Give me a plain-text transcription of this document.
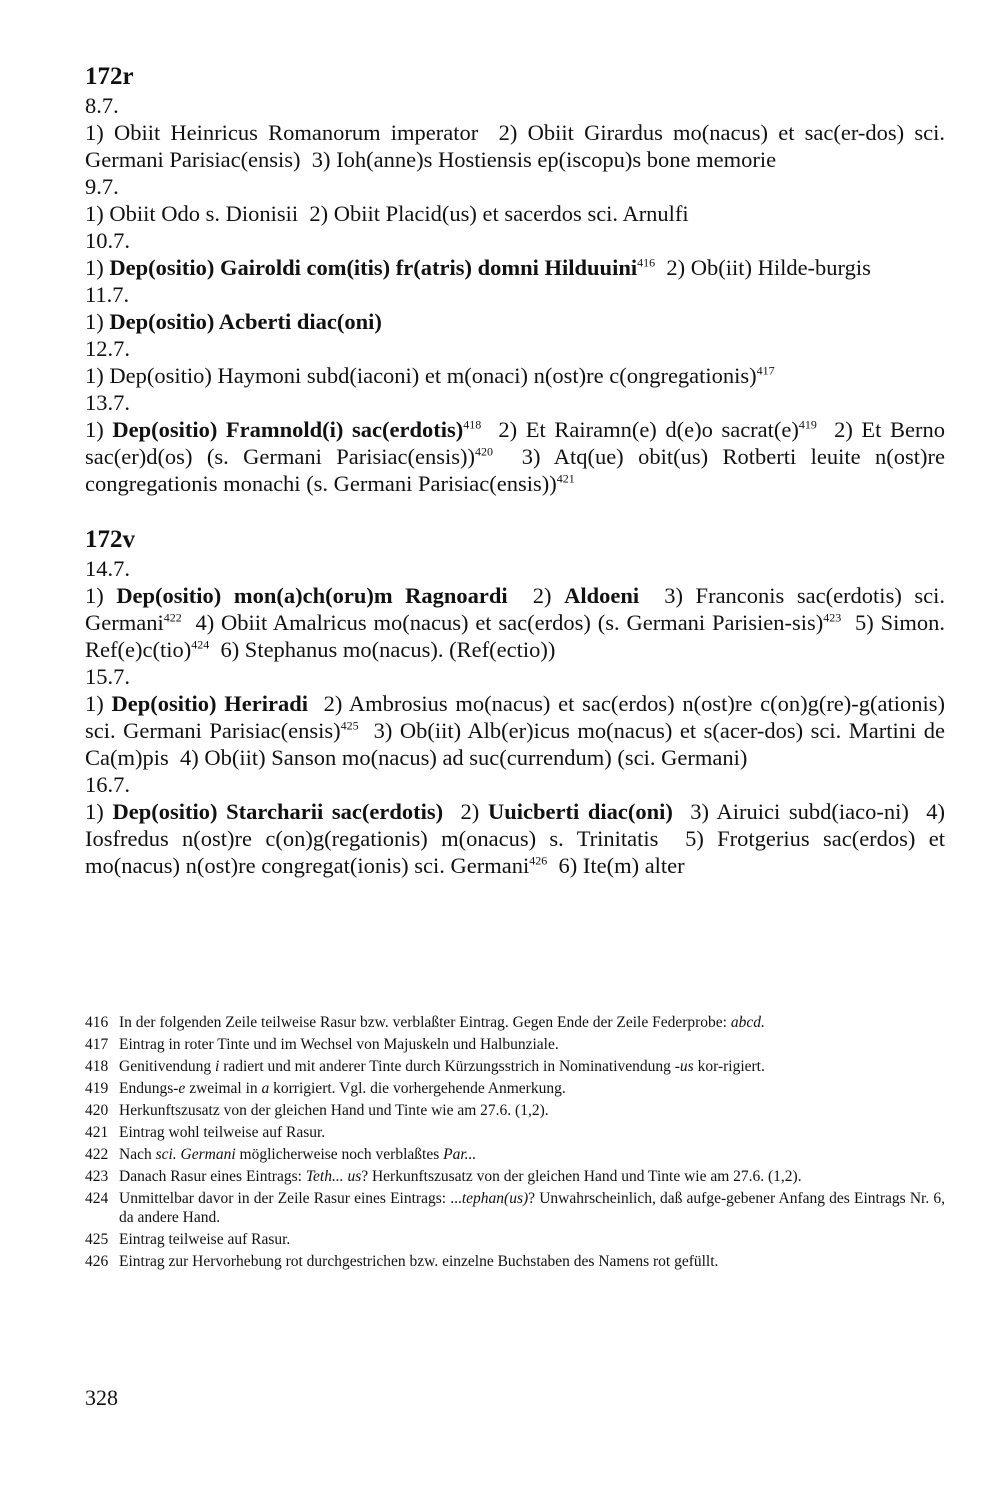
172r

8.7.

1) Obiit Heinricus Romanorum imperator  2) Obiit Girardus mo(nacus) et sac(er-dos) sci. Germani Parisiac(ensis)  3) Ioh(anne)s Hostiensis ep(iscopu)s bone memorie

9.7.

1) Obiit Odo s. Dionisii  2) Obiit Placid(us) et sacerdos sci. Arnulfi

10.7.

1) Dep(ositio) Gairoldi com(itis) fr(atris) domni Hilduuini$^{416}$  2) Ob(iit) Hilde-burgis

11.7.

1) Dep(ositio) Acberti diac(oni)

12.7.

1) Dep(ositio) Haymoni subd(iaconi) et m(onaci) n(ost)re c(ongregationis)$^{417}$

13.7.

1) Dep(ositio) Framnold(i) sac(erdotis)$^{418}$  2) Et Rairamn(e) d(e)o $sacrat(e)^{419}$  2) Et Berno sac(er)d(os) (s. Germani Parisiac(ensis))$^{420}$  3) Atq(ue) obit(us) Rotberti leuite n(ost)re congregationis monachi (s. Germani Parisiac(ensis))$^{421}$

172v

14.7.

1) Dep(ositio) mon(a)ch(oru)m Ragnoardi  2) Aldoeni  3) Franconis sac(erdotis) sci. Germani$^{422}$  4) Obiit Amalricus mo(nacus) et sac(erdos) (s. Germani Parisien-sis)$^{423}$  5) Simon. Ref(e)c(tio)$^{424}$  6) Stephanus mo(nacus). (Ref(ectio))

15.7.

1) Dep(ositio) Heriradi  2) Ambrosius mo(nacus) et sac(erdos) n(ost)re c(on)g(re)-g(ationis) sci. Germani Parisiac(ensis)$^{425}$  3) Ob(iit) Alb(er)icus mo(nacus) et s(acer-dos) sci. Martini de Ca(m)pis  4) Ob(iit) Sanson mo(nacus) ad suc(currendum) (sci. Germani)

16.7.

1) Dep(ositio) Starcharii sac(erdotis)  2) Uuicberti diac(oni)  3) Airuici subd(iaco-ni)  4) Iosfredus n(ost)re c(on)g(regationis) m(onacus) s. Trinitatis  5) Frotgerius sac(erdos) et mo(nacus) n(ost)re congregat(ionis) sci. Germani$^{426}$  6) Ite(m) alter

416 In der folgenden Zeile teilweise Rasur bzw. verblaßter Eintrag. Gegen Ende der Zeile Federprobe: abcd.

417 Eintrag in roter Tinte und im Wechsel von Majuskeln und Halbunziale.

418 Genitivendung i radiert und mit anderer Tinte durch Kürzungsstrich in Nominativendung -us kor-rigiert.

419 Endungs-e zweimal in a korrigiert. Vgl. die vorhergehende Anmerkung.

420 Herkunftszusatz von der gleichen Hand und Tinte wie am 27.6. (1,2).

421 Eintrag wohl teilweise auf Rasur.

422 Nach sci. Germani möglicherweise noch verblaßtes Par...

423 Danach Rasur eines Eintrags: Teth... us? Herkunftszusatz von der gleichen Hand und Tinte wie am 27.6. (1,2).

424 Unmittelbar davor in der Zeile Rasur eines Eintrags: ...tephan(us)? Unwahrscheinlich, daß aufge-gebener Anfang des Eintrags Nr. 6, da andere Hand.

425 Eintrag teilweise auf Rasur.

426 Eintrag zur Hervorhebung rot durchgestrichen bzw. einzelne Buchstaben des Namens rot gefüllt.

328
